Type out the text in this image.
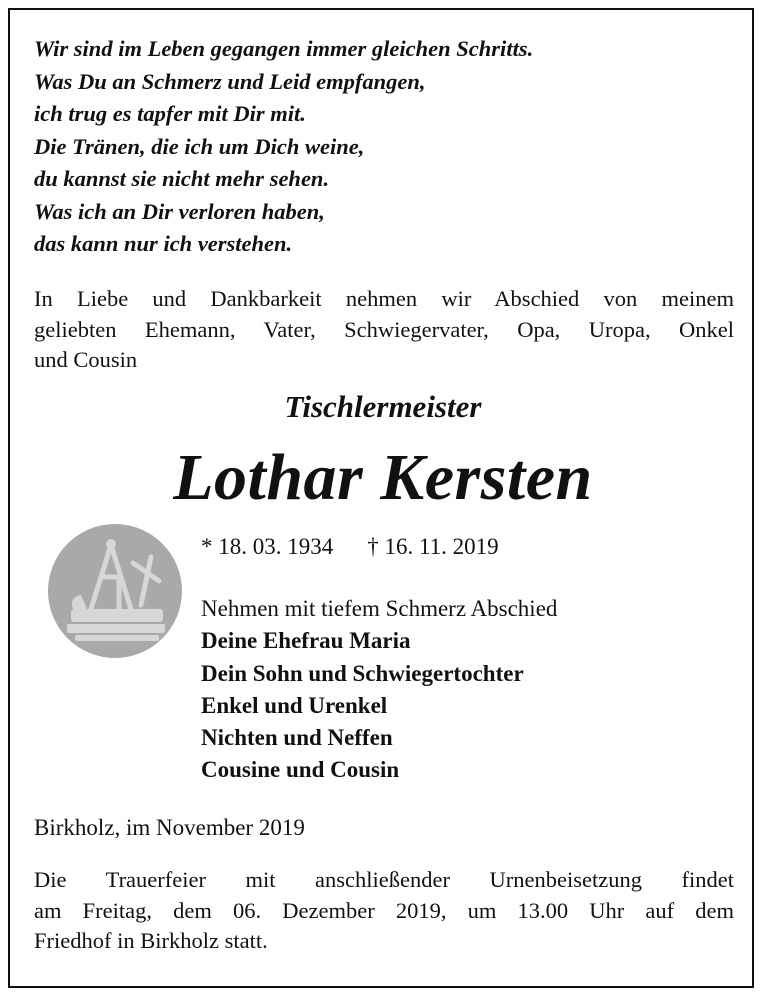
Wir sind im Leben gegangen immer gleichen Schritts.
Was Du an Schmerz und Leid empfangen,
ich trug es tapfer mit Dir mit.
Die Tränen, die ich um Dich weine,
du kannst sie nicht mehr sehen.
Was ich an Dir verloren haben,
das kann nur ich verstehen.
In Liebe und Dankbarkeit nehmen wir Abschied von meinem
geliebten Ehemann, Vater, Schwiegervater, Opa, Uropa, Onkel
und Cousin
Tischlermeister
Lothar Kersten
* 18. 03. 1934 † 16. 11. 2019
Nehmen mit tiefem Schmerz Abschied
Deine Ehefrau Maria
Dein Sohn und Schwiegertochter
Enkel und Urenkel
Nichten und Neffen
Cousine und Cousin
Birkholz, im November 2019
Die Trauerfeier mit anschließender Urnenbeisetzung findet
am Freitag, dem 06. Dezember 2019, um 13.00 Uhr auf dem
Friedhof in Birkholz statt.
